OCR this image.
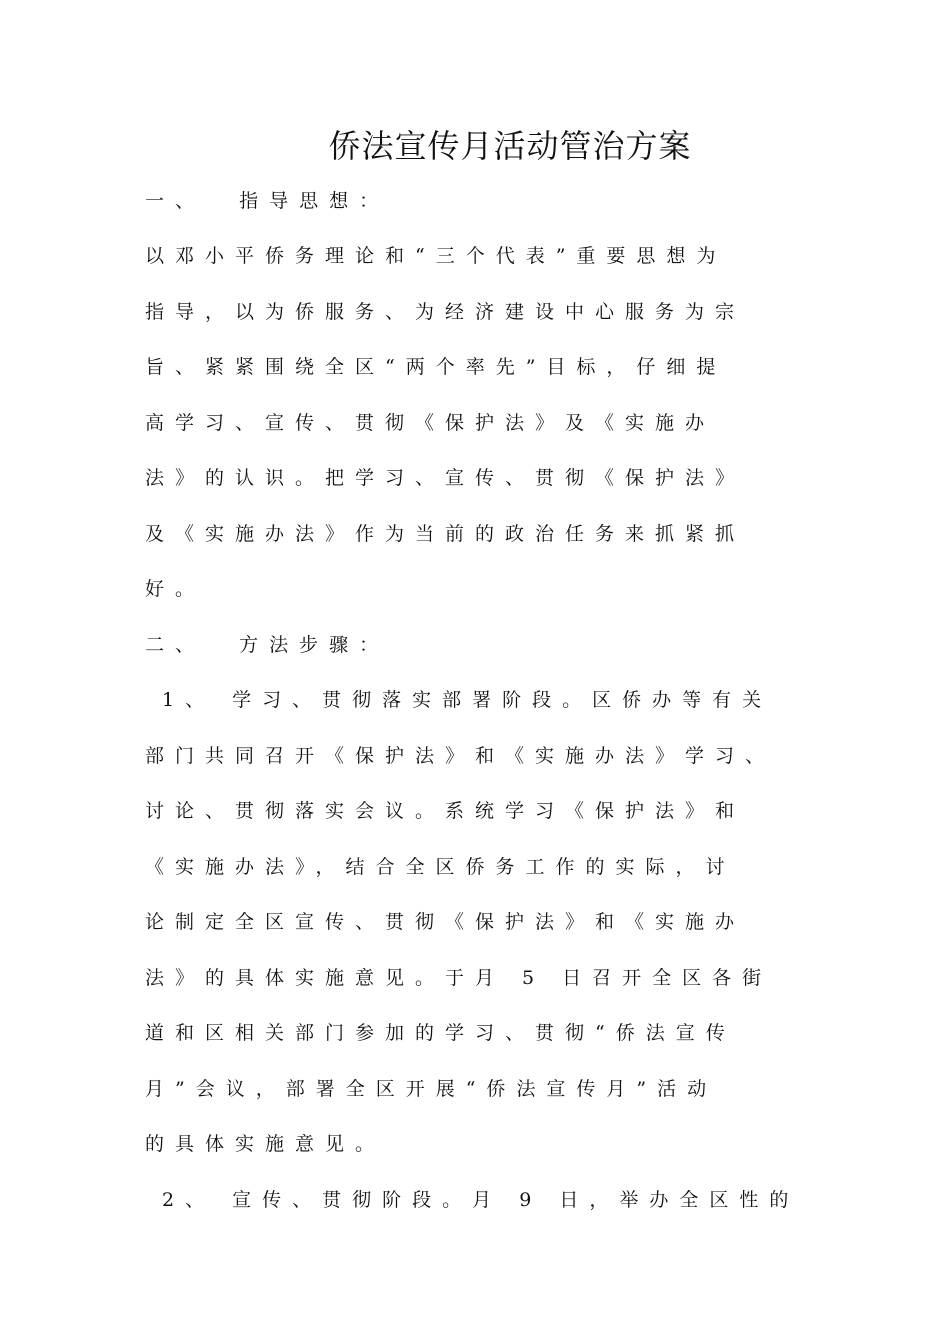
侨法宣传月活动管治方案
一、  指导思想：
以邓小平侨务理论和“三个代表”重要思想为
指导，以为侨服务、为经济建设中心服务为宗
旨、紧紧围绕全区“两个率先”目标，仔细提
高学习、宣传、贯彻《保护法》及《实施办
法》的认识。把学习、宣传、贯彻《保护法》
及《实施办法》作为当前的政治任务来抓紧抓
好。
二、  方法步骤：
1、 学习、贯彻落实部署阶段。区侨办等有关
部门共同召开《保护法》和《实施办法》学习、
讨论、贯彻落实会议。系统学习《保护法》和
《实施办法》，结合全区侨务工作的实际，讨
论制定全区宣传、贯彻《保护法》和《实施办
法》的具体实施意见。于月 5 日召开全区各街
道和区相关部门参加的学习、贯彻“侨法宣传
月”会议，部署全区开展“侨法宣传月”活动
的具体实施意见。
2、 宣传、贯彻阶段。月 9 日，举办全区性的
